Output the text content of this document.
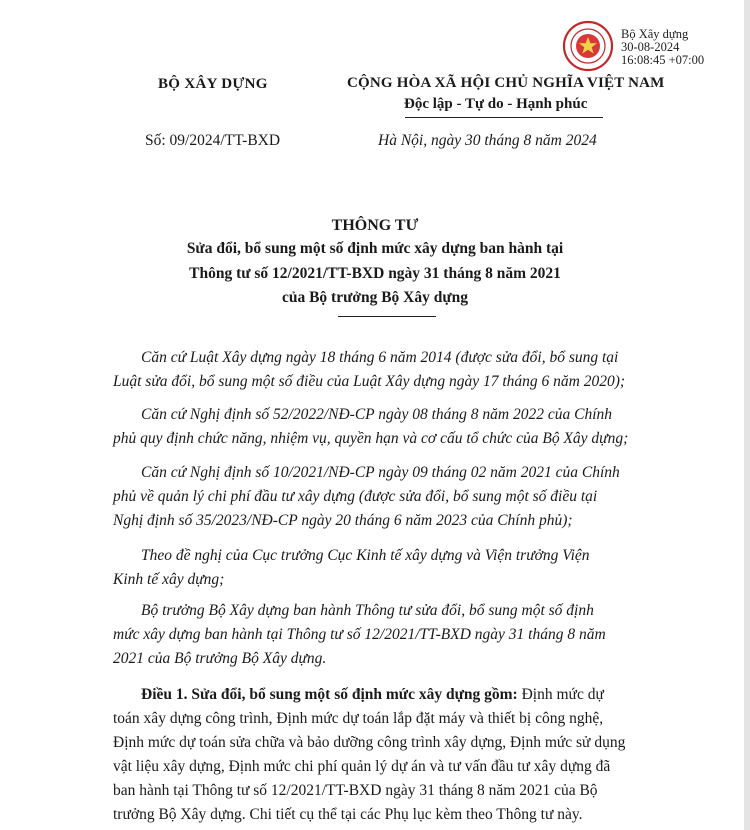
Bộ Xây dựng
30-08-2024
16:08:45 +07:00
BỘ XÂY DỰNG	CỘNG HÒA XÃ HỘI CHỦ NGHĨA VIỆT NAM
Độc lập - Tự do - Hạnh phúc
Số: 09/2024/TT-BXD	Hà Nội, ngày 30 tháng 8 năm 2024
THÔNG TƯ
Sửa đổi, bổ sung một số định mức xây dựng ban hành tại
Thông tư số 12/2021/TT-BXD ngày 31 tháng 8 năm 2021
của Bộ trưởng Bộ Xây dựng
Căn cứ Luật Xây dựng ngày 18 tháng 6 năm 2014 (được sửa đổi, bổ sung tại
Luật sửa đổi, bổ sung một số điều của Luật Xây dựng ngày 17 tháng 6 năm 2020);
Căn cứ Nghị định số 52/2022/NĐ-CP ngày 08 tháng 8 năm 2022 của Chính
phủ quy định chức năng, nhiệm vụ, quyền hạn và cơ cấu tổ chức của Bộ Xây dựng;
Căn cứ Nghị định số 10/2021/NĐ-CP ngày 09 tháng 02 năm 2021 của Chính
phủ về quản lý chi phí đầu tư xây dựng (được sửa đổi, bổ sung một số điều tại
Nghị định số 35/2023/NĐ-CP ngày 20 tháng 6 năm 2023 của Chính phủ);
Theo đề nghị của Cục trưởng Cục Kinh tế xây dựng và Viện trưởng Viện
Kinh tế xây dựng;
Bộ trưởng Bộ Xây dựng ban hành Thông tư sửa đổi, bổ sung một số định
mức xây dựng ban hành tại Thông tư số 12/2021/TT-BXD ngày 31 tháng 8 năm
2021 của Bộ trưởng Bộ Xây dựng.
Điều 1. Sửa đổi, bổ sung một số định mức xây dựng gồm: Định mức dự
toán xây dựng công trình, Định mức dự toán lắp đặt máy và thiết bị công nghệ,
Định mức dự toán sửa chữa và bảo dưỡng công trình xây dựng, Định mức sử dụng
vật liệu xây dựng, Định mức chi phí quản lý dự án và tư vấn đầu tư xây dựng đã
ban hành tại Thông tư số 12/2021/TT-BXD ngày 31 tháng 8 năm 2021 của Bộ
trưởng Bộ Xây dựng. Chi tiết cụ thể tại các Phụ lục kèm theo Thông tư này.
